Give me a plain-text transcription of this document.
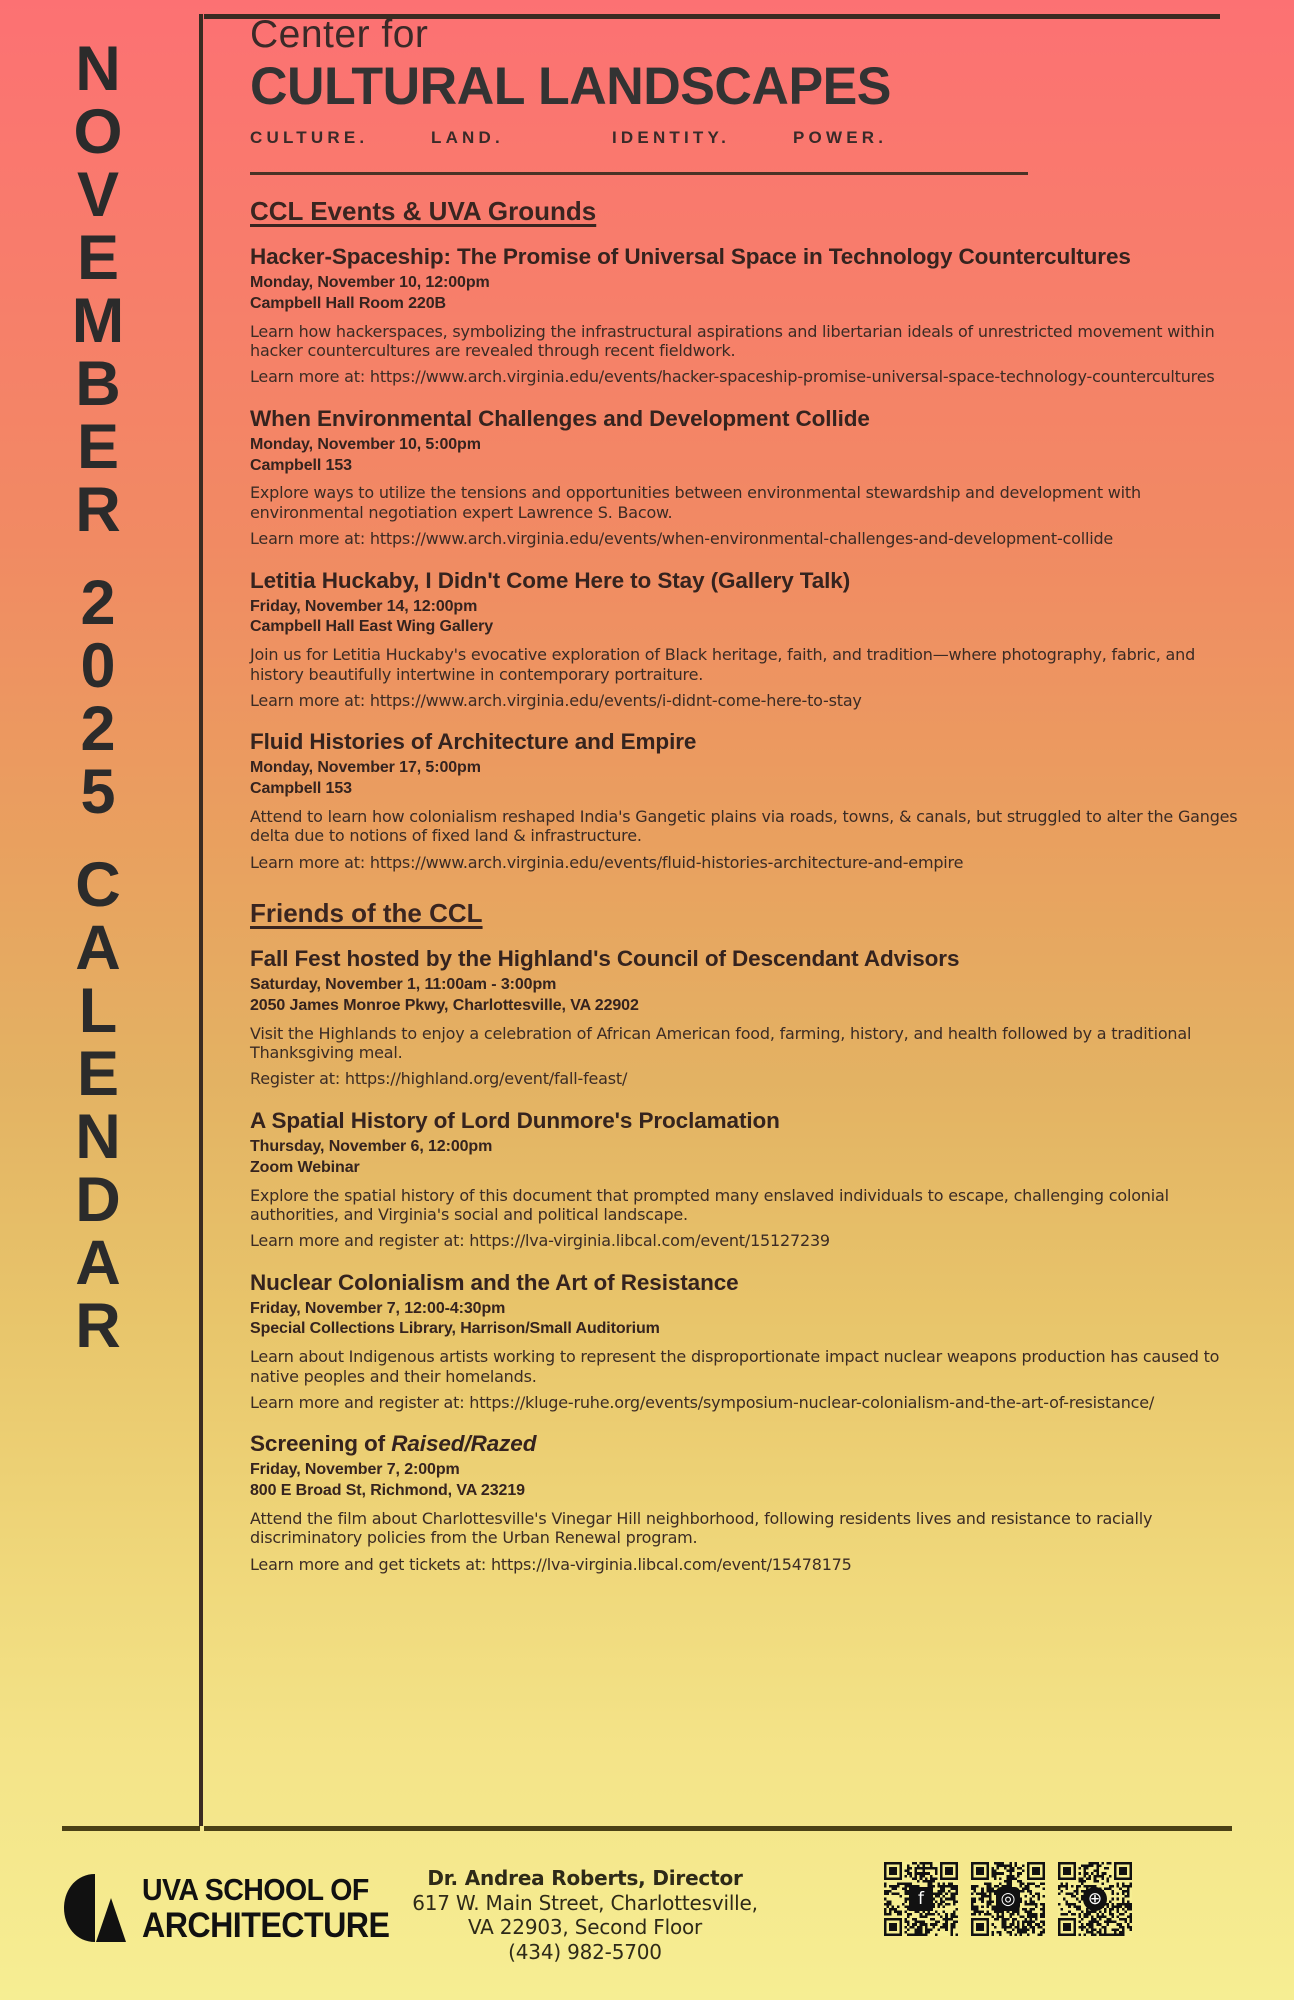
N
O
V
E
M
B
E
R
2
0
2
5
C
A
L
E
N
D
A
R
Center for
CULTURAL LANDSCAPES
CULTURE.	LAND.	IDENTITY.	POWER.
CCL Events & UVA Grounds
Hacker-Spaceship: The Promise of Universal Space in Technology Countercultures
Monday, November 10, 12:00pm
Campbell Hall Room 220B
Learn how hackerspaces, symbolizing the infrastructural aspirations and libertarian ideals of unrestricted movement within hacker countercultures are revealed through recent fieldwork.
Learn more at: https://www.arch.virginia.edu/events/hacker-spaceship-promise-universal-space-technology-countercultures
When Environmental Challenges and Development Collide
Monday, November 10, 5:00pm
Campbell 153
Explore ways to utilize the tensions and opportunities between environmental stewardship and development with environmental negotiation expert Lawrence S. Bacow.
Learn more at: https://www.arch.virginia.edu/events/when-environmental-challenges-and-development-collide
Letitia Huckaby, I Didn't Come Here to Stay (Gallery Talk)
Friday, November 14, 12:00pm
Campbell Hall East Wing Gallery
Join us for Letitia Huckaby's evocative exploration of Black heritage, faith, and tradition—where photography, fabric, and history beautifully intertwine in contemporary portraiture.
Learn more at: https://www.arch.virginia.edu/events/i-didnt-come-here-to-stay
Fluid Histories of Architecture and Empire
Monday, November 17, 5:00pm
Campbell 153
Attend to learn how colonialism reshaped India's Gangetic plains via roads, towns, & canals, but struggled to alter the Ganges delta due to notions of fixed land & infrastructure.
Learn more at: https://www.arch.virginia.edu/events/fluid-histories-architecture-and-empire
Friends of the CCL
Fall Fest hosted by the Highland's Council of Descendant Advisors
Saturday, November 1, 11:00am - 3:00pm
2050 James Monroe Pkwy, Charlottesville, VA 22902
Visit the Highlands to enjoy a celebration of African American food, farming, history, and health followed by a traditional Thanksgiving meal.
Register at: https://highland.org/event/fall-feast/
A Spatial History of Lord Dunmore's Proclamation
Thursday, November 6, 12:00pm
Zoom Webinar
Explore the spatial history of this document that prompted many enslaved individuals to escape, challenging colonial authorities, and Virginia's social and political landscape.
Learn more and register at: https://lva-virginia.libcal.com/event/15127239
Nuclear Colonialism and the Art of Resistance
Friday, November 7, 12:00-4:30pm
Special Collections Library, Harrison/Small Auditorium
Learn about Indigenous artists working to represent the disproportionate impact nuclear weapons production has caused to native peoples and their homelands.
Learn more and register at: https://kluge-ruhe.org/events/symposium-nuclear-colonialism-and-the-art-of-resistance/
Screening of Raised/Razed
Friday, November 7, 2:00pm
800 E Broad St, Richmond, VA 23219
Attend the film about Charlottesville's Vinegar Hill neighborhood, following residents lives and resistance to racially discriminatory policies from the Urban Renewal program.
Learn more and get tickets at: https://lva-virginia.libcal.com/event/15478175
UVA SCHOOL OF
ARCHITECTURE
Dr. Andrea Roberts, Director
617 W. Main Street, Charlottesville,
VA 22903, Second Floor
(434) 982-5700
f	◎	⊕
